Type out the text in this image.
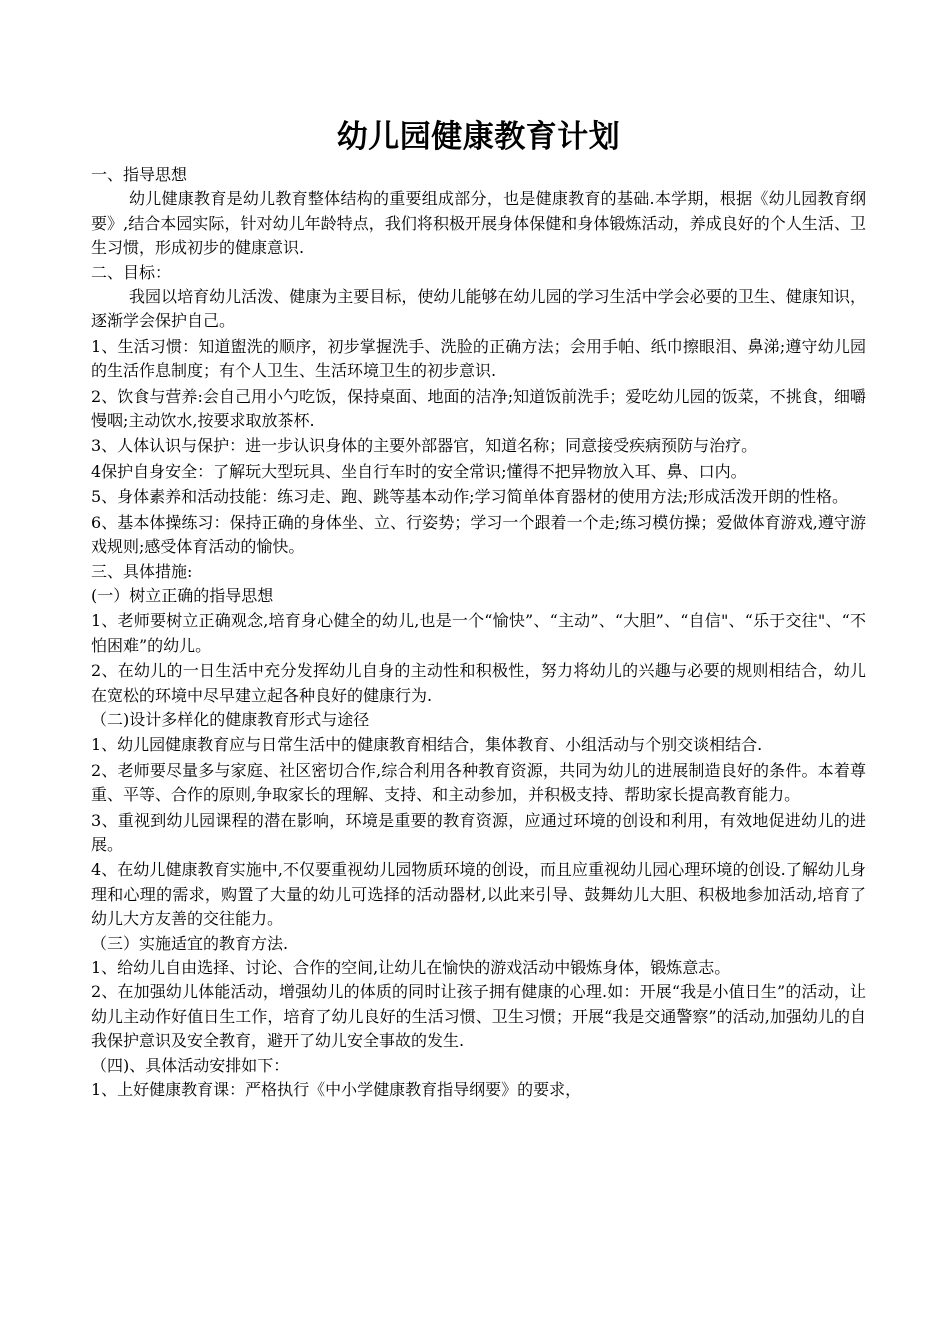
幼儿园健康教育计划

一、指导思想

幼儿健康教育是幼儿教育整体结构的重要组成部分，也是健康教育的基础.本学期，根据《幼儿园教育纲要》,结合本园实际，针对幼儿年龄特点，我们将积极开展身体保健和身体锻炼活动，养成良好的个人生活、卫生习惯，形成初步的健康意识.

二、目标：

我园以培育幼儿活泼、健康为主要目标，使幼儿能够在幼儿园的学习生活中学会必要的卫生、健康知识，逐渐学会保护自己。

1、生活习惯：知道盥洗的顺序，初步掌握洗手、洗脸的正确方法；会用手帕、纸巾擦眼泪、鼻涕;遵守幼儿园的生活作息制度；有个人卫生、生活环境卫生的初步意识.

2、饮食与营养:会自己用小勺吃饭，保持桌面、地面的洁净;知道饭前洗手；爱吃幼儿园的饭菜，不挑食，细嚼慢咽;主动饮水,按要求取放茶杯.

3、人体认识与保护：进一步认识身体的主要外部器官，知道名称；同意接受疾病预防与治疗。

4保护自身安全：了解玩大型玩具、坐自行车时的安全常识;懂得不把异物放入耳、鼻、口内。

5、身体素养和活动技能：练习走、跑、跳等基本动作;学习简单体育器材的使用方法;形成活泼开朗的性格。

6、基本体操练习：保持正确的身体坐、立、行姿势；学习一个跟着一个走;练习模仿操；爱做体育游戏,遵守游戏规则;感受体育活动的愉快。

三、具体措施:

(一）树立正确的指导思想

1、老师要树立正确观念,培育身心健全的幼儿,也是一个“愉快”、“主动”、“大胆”、“自信"、“乐于交往"、“不怕困难”的幼儿。

2、在幼儿的一日生活中充分发挥幼儿自身的主动性和积极性，努力将幼儿的兴趣与必要的规则相结合，幼儿在宽松的环境中尽早建立起各种良好的健康行为.

（二)设计多样化的健康教育形式与途径

1、幼儿园健康教育应与日常生活中的健康教育相结合，集体教育、小组活动与个别交谈相结合.

2、老师要尽量多与家庭、社区密切合作,综合利用各种教育资源，共同为幼儿的进展制造良好的条件。本着尊重、平等、合作的原则,争取家长的理解、支持、和主动参加，并积极支持、帮助家长提高教育能力。

3、重视到幼儿园课程的潜在影响，环境是重要的教育资源，应通过环境的创设和利用，有效地促进幼儿的进展。

4、在幼儿健康教育实施中,不仅要重视幼儿园物质环境的创设，而且应重视幼儿园心理环境的创设.了解幼儿身理和心理的需求，购置了大量的幼儿可选择的活动器材,以此来引导、鼓舞幼儿大胆、积极地参加活动,培育了幼儿大方友善的交往能力。

（三）实施适宜的教育方法.

1、给幼儿自由选择、讨论、合作的空间,让幼儿在愉快的游戏活动中锻炼身体，锻炼意志。

2、在加强幼儿体能活动，增强幼儿的体质的同时让孩子拥有健康的心理.如：开展“我是小值日生”的活动，让幼儿主动作好值日生工作，培育了幼儿良好的生活习惯、卫生习惯；开展“我是交通警察”的活动,加强幼儿的自我保护意识及安全教育，避开了幼儿安全事故的发生.

（四)、具体活动安排如下：

1、上好健康教育课：严格执行《中小学健康教育指导纲要》的要求，
